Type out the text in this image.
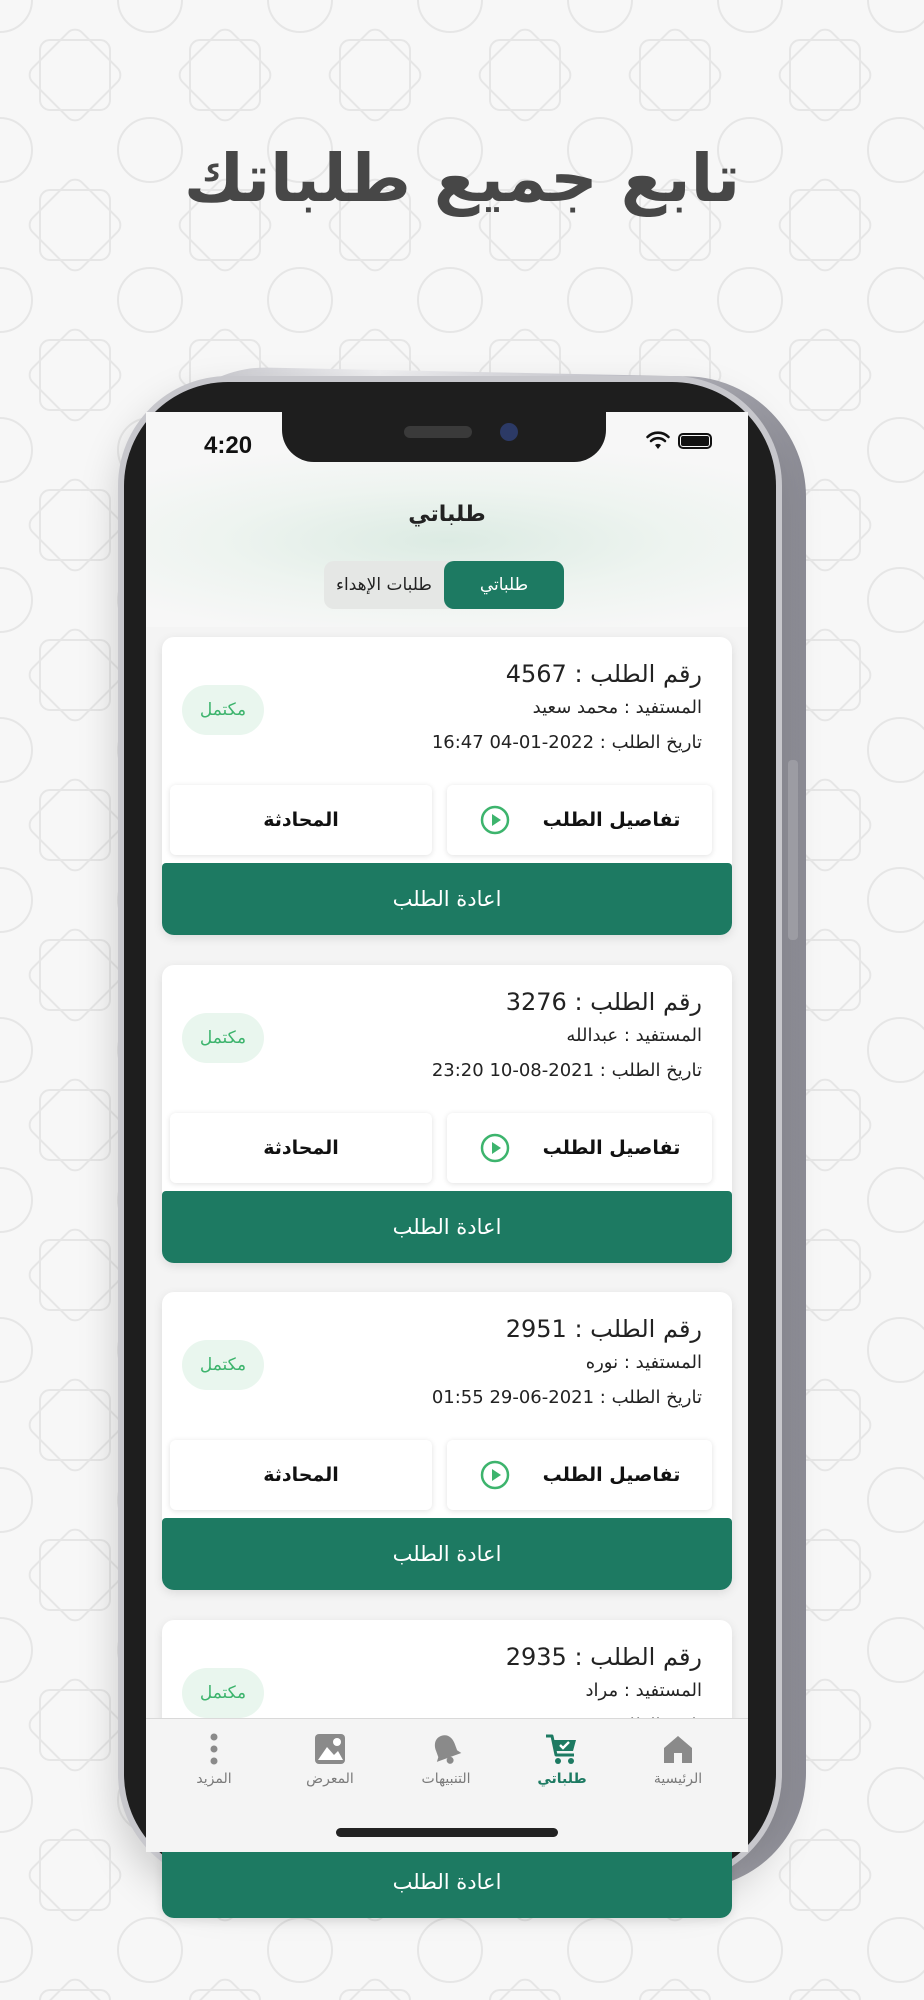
تابع جميع طلباتك
4:20
طلباتي
طلباتي
طلبات الإهداء
رقم الطلب : 4567
المستفيد : محمد سعيد
تاريخ الطلب : 2022-01-04 16:47
مكتمل
تفاصيل الطلب
المحادثة
اعادة الطلب
رقم الطلب : 3276
المستفيد : عبدالله
تاريخ الطلب : 2021-08-10 23:20
مكتمل
تفاصيل الطلب
المحادثة
اعادة الطلب
رقم الطلب : 2951
المستفيد : نوره
تاريخ الطلب : 2021-06-29 01:55
مكتمل
تفاصيل الطلب
المحادثة
اعادة الطلب
رقم الطلب : 2935
المستفيد : مراد
مكتمل
اعادة الطلب
الرئيسية
طلباتي
التنبيهات
المعرض
المزيد
